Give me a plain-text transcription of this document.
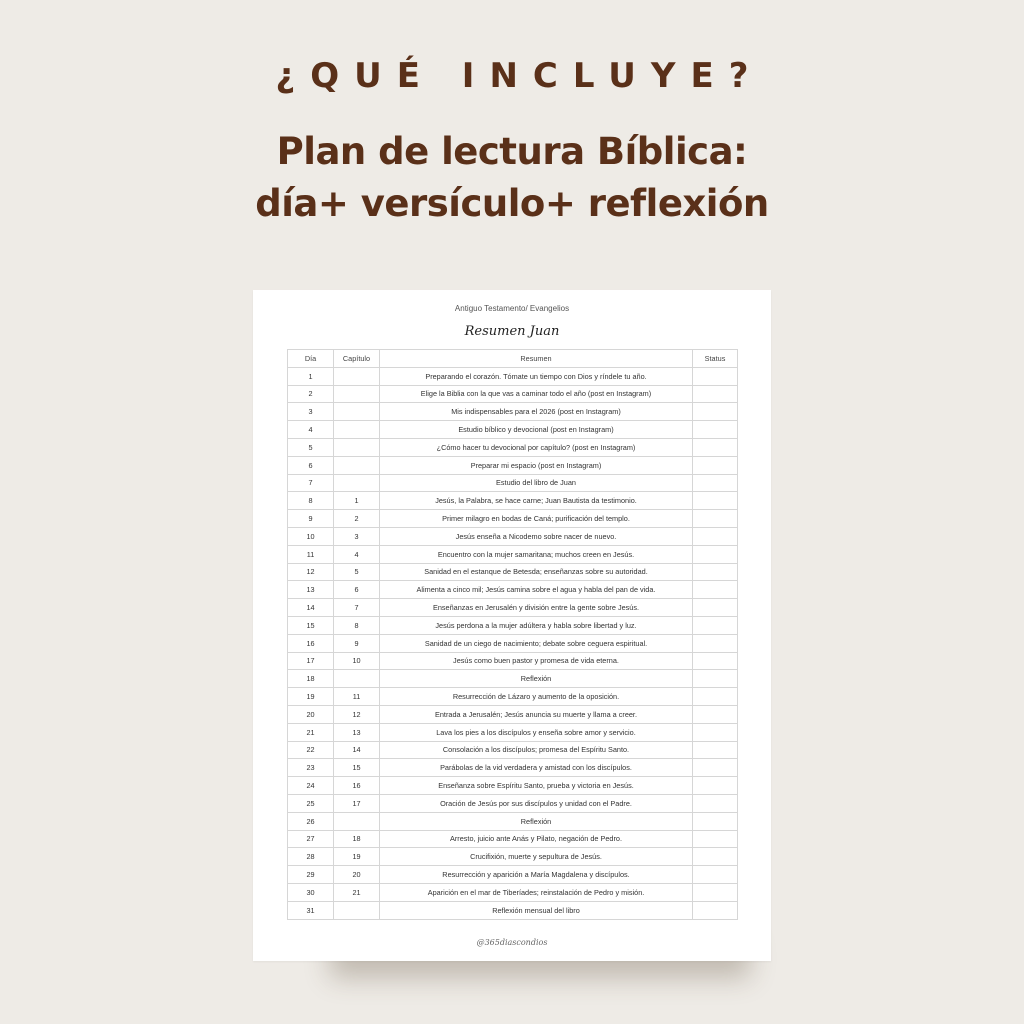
¿QUÉ INCLUYE?
Plan de lectura Bíblica:
día+ versículo+ reflexión
Antiguo Testamento/ Evangelios
Resumen Juan
Día	Capítulo	Resumen	Status
1		Preparando el corazón. Tómate un tiempo con Dios y ríndele tu año.	
2		Elige la Biblia con la que vas a caminar todo el año (post en Instagram)	
3		Mis indispensables para el 2026 (post en Instagram)	
4		Estudio bíblico y devocional (post en Instagram)	
5		¿Cómo hacer tu devocional por capítulo? (post en Instagram)	
6		Preparar mi espacio (post en Instagram)	
7		Estudio del libro de Juan	
8	1	Jesús, la Palabra, se hace carne; Juan Bautista da testimonio.	
9	2	Primer milagro en bodas de Caná; purificación del templo.	
10	3	Jesús enseña a Nicodemo sobre nacer de nuevo.	
11	4	Encuentro con la mujer samaritana; muchos creen en Jesús.	
12	5	Sanidad en el estanque de Betesda; enseñanzas sobre su autoridad.	
13	6	Alimenta a cinco mil; Jesús camina sobre el agua y habla del pan de vida.	
14	7	Enseñanzas en Jerusalén y división entre la gente sobre Jesús.	
15	8	Jesús perdona a la mujer adúltera y habla sobre libertad y luz.	
16	9	Sanidad de un ciego de nacimiento; debate sobre ceguera espiritual.	
17	10	Jesús como buen pastor y promesa de vida eterna.	
18		Reflexión	
19	11	Resurrección de Lázaro y aumento de la oposición.	
20	12	Entrada a Jerusalén; Jesús anuncia su muerte y llama a creer.	
21	13	Lava los pies a los discípulos y enseña sobre amor y servicio.	
22	14	Consolación a los discípulos; promesa del Espíritu Santo.	
23	15	Parábolas de la vid verdadera y amistad con los discípulos.	
24	16	Enseñanza sobre Espíritu Santo, prueba y victoria en Jesús.	
25	17	Oración de Jesús por sus discípulos y unidad con el Padre.	
26		Reflexión	
27	18	Arresto, juicio ante Anás y Pilato, negación de Pedro.	
28	19	Crucifixión, muerte y sepultura de Jesús.	
29	20	Resurrección y aparición a María Magdalena y discípulos.	
30	21	Aparición en el mar de Tiberíades; reinstalación de Pedro y misión.	
31		Reflexión mensual del libro	
@365diascondios
